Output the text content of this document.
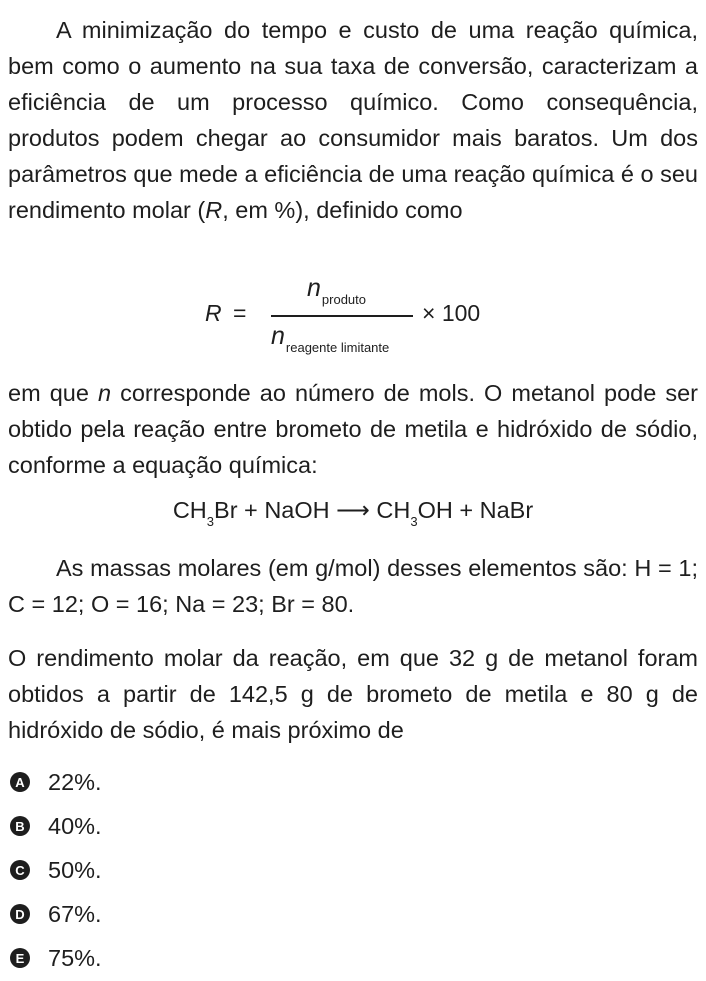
A minimização do tempo e custo de uma reação química, bem como o aumento na sua taxa de conversão, caracterizam a eficiência de um processo químico. Como consequência, produtos podem chegar ao consumidor mais baratos. Um dos parâmetros que mede a eficiência de uma reação química é o seu rendimento molar (R, em %), definido como

em que n corresponde ao número de mols. O metanol pode ser obtido pela reação entre brometo de metila e hidróxido de sódio, conforme a equação química:

As massas molares (em g/mol) desses elementos são: H = 1; C = 12; O = 16; Na = 23; Br = 80.

O rendimento molar da reação, em que 32 g de metanol foram obtidos a partir de 142,5 g de brometo de metila e 80 g de hidróxido de sódio, é mais próximo de

R =
$n_{produto}$
$n_{reagente limitante}$
× 100
$CH_3Br$ + NaOH ⟶ $CH_3OH$ + NaBr
A 22%.
B 40%.
C 50%.
D 67%.
E 75%.
